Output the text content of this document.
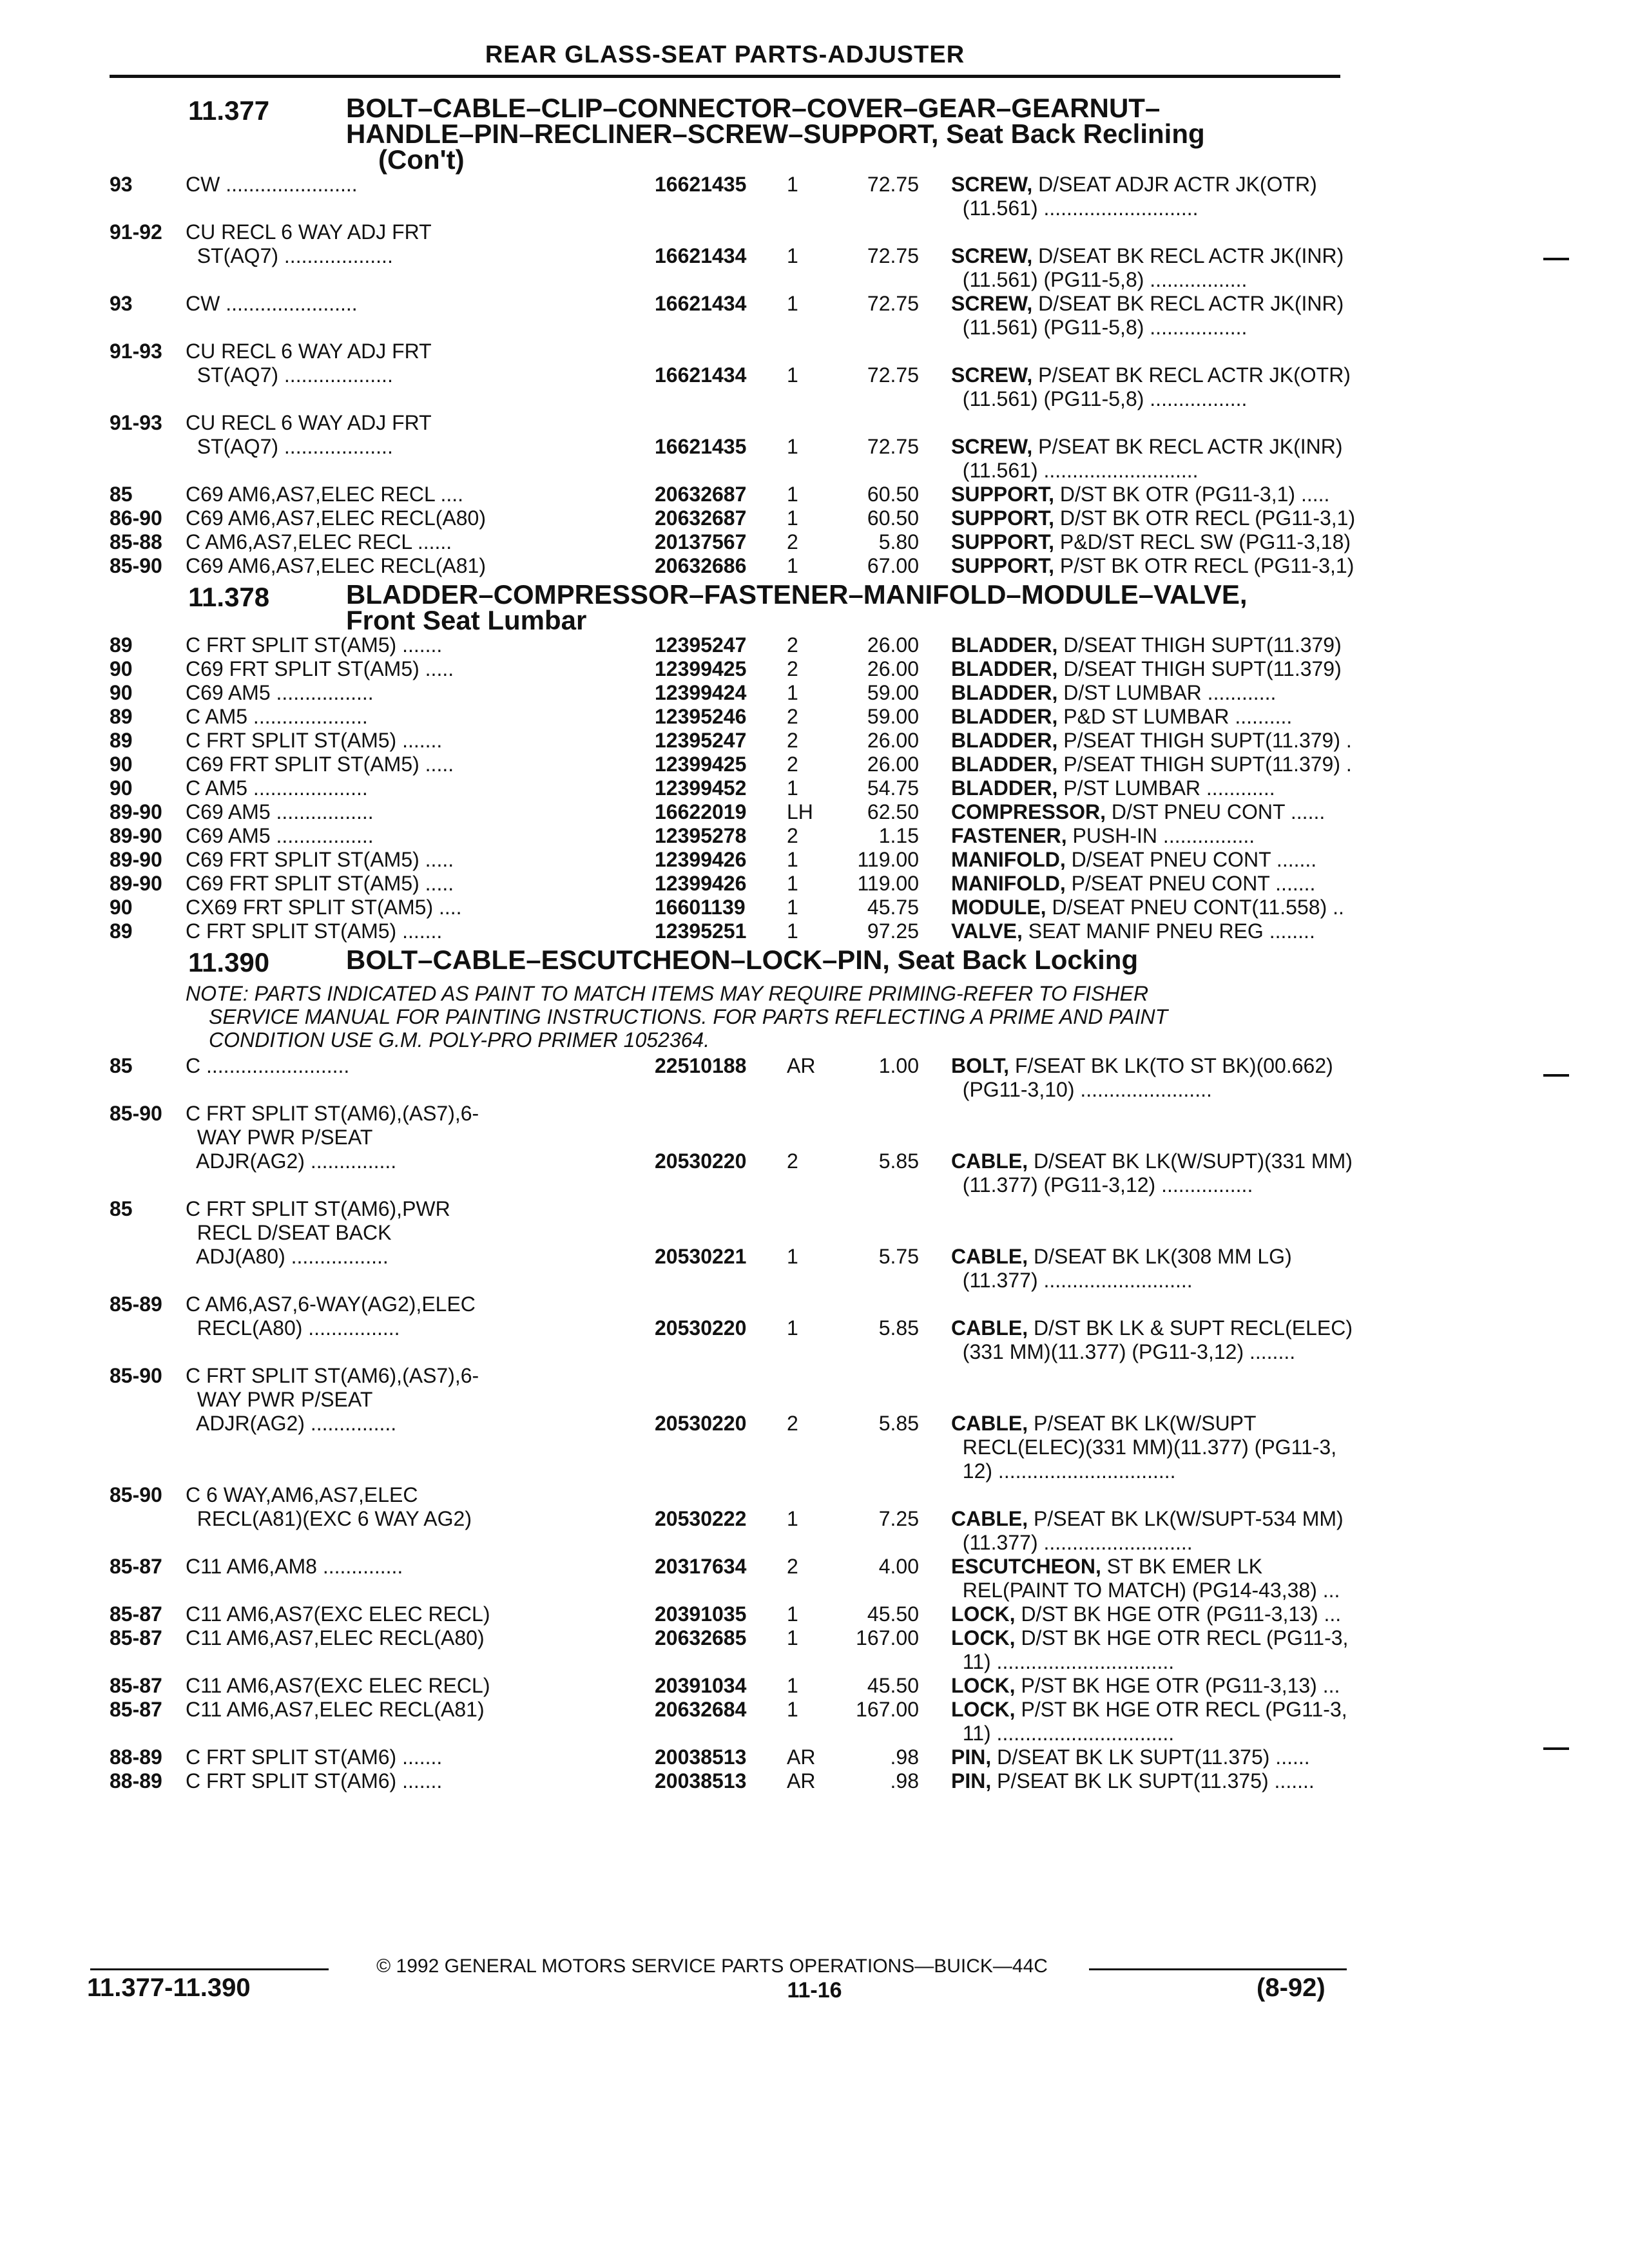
REAR GLASS-SEAT PARTS-ADJUSTER
11.377	BOLT–CABLE–CLIP–CONNECTOR–COVER–GEAR–GEARNUT–
HANDLE–PIN–RECLINER–SCREW–SUPPORT, Seat Back Reclining
(Con't)
93	CW .......................	16621435	1	72.75	SCREW, D/SEAT ADJR ACTR JK(OTR)
(11.561) ...........................
91-92	CU RECL 6 WAY ADJ FRT
ST(AQ7) ...................	16621434	1	72.75	SCREW, D/SEAT BK RECL ACTR JK(INR)
(11.561) (PG11-5,8) .................
93	CW .......................	16621434	1	72.75	SCREW, D/SEAT BK RECL ACTR JK(INR)
(11.561) (PG11-5,8) .................
91-93	CU RECL 6 WAY ADJ FRT
ST(AQ7) ...................	16621434	1	72.75	SCREW, P/SEAT BK RECL ACTR JK(OTR)
(11.561) (PG11-5,8) .................
91-93	CU RECL 6 WAY ADJ FRT
ST(AQ7) ...................	16621435	1	72.75	SCREW, P/SEAT BK RECL ACTR JK(INR)
(11.561) ...........................
85	C69 AM6,AS7,ELEC RECL ....	20632687	1	60.50	SUPPORT, D/ST BK OTR (PG11-3,1) .....
86-90	C69 AM6,AS7,ELEC RECL(A80)	20632687	1	60.50	SUPPORT, D/ST BK OTR RECL (PG11-3,1)
85-88	C AM6,AS7,ELEC RECL ......	20137567	2	5.80	SUPPORT, P&D/ST RECL SW (PG11-3,18)
85-90	C69 AM6,AS7,ELEC RECL(A81)	20632686	1	67.00	SUPPORT, P/ST BK OTR RECL (PG11-3,1)
11.378	BLADDER–COMPRESSOR–FASTENER–MANIFOLD–MODULE–VALVE,
Front Seat Lumbar
89	C FRT SPLIT ST(AM5) .......	12395247	2	26.00	BLADDER, D/SEAT THIGH SUPT(11.379)
90	C69 FRT SPLIT ST(AM5) .....	12399425	2	26.00	BLADDER, D/SEAT THIGH SUPT(11.379)
90	C69 AM5 .................	12399424	1	59.00	BLADDER, D/ST LUMBAR ............
89	C AM5 ....................	12395246	2	59.00	BLADDER, P&D ST LUMBAR ..........
89	C FRT SPLIT ST(AM5) .......	12395247	2	26.00	BLADDER, P/SEAT THIGH SUPT(11.379) .
90	C69 FRT SPLIT ST(AM5) .....	12399425	2	26.00	BLADDER, P/SEAT THIGH SUPT(11.379) .
90	C AM5 ....................	12399452	1	54.75	BLADDER, P/ST LUMBAR ............
89-90	C69 AM5 .................	16622019	LH	62.50	COMPRESSOR, D/ST PNEU CONT ......
89-90	C69 AM5 .................	12395278	2	1.15	FASTENER, PUSH-IN ................
89-90	C69 FRT SPLIT ST(AM5) .....	12399426	1	119.00	MANIFOLD, D/SEAT PNEU CONT .......
89-90	C69 FRT SPLIT ST(AM5) .....	12399426	1	119.00	MANIFOLD, P/SEAT PNEU CONT .......
90	CX69 FRT SPLIT ST(AM5) ....	16601139	1	45.75	MODULE, D/SEAT PNEU CONT(11.558) ..
89	C FRT SPLIT ST(AM5) .......	12395251	1	97.25	VALVE, SEAT MANIF PNEU REG ........
11.390	BOLT–CABLE–ESCUTCHEON–LOCK–PIN, Seat Back Locking
NOTE: PARTS INDICATED AS PAINT TO MATCH ITEMS MAY REQUIRE PRIMING-REFER TO FISHER
SERVICE MANUAL FOR PAINTING INSTRUCTIONS. FOR PARTS REFLECTING A PRIME AND PAINT
CONDITION USE G.M. POLY-PRO PRIMER 1052364.
85	C .........................	22510188	AR	1.00	BOLT, F/SEAT BK LK(TO ST BK)(00.662)
(PG11-3,10) .......................
85-90	C FRT SPLIT ST(AM6),(AS7),6-
WAY PWR P/SEAT
ADJR(AG2) ...............	20530220	2	5.85	CABLE, D/SEAT BK LK(W/SUPT)(331 MM)
(11.377) (PG11-3,12) ................
85	C FRT SPLIT ST(AM6),PWR
RECL D/SEAT BACK
ADJ(A80) .................	20530221	1	5.75	CABLE, D/SEAT BK LK(308 MM LG)
(11.377) ..........................
85-89	C AM6,AS7,6-WAY(AG2),ELEC
RECL(A80) ................	20530220	1	5.85	CABLE, D/ST BK LK & SUPT RECL(ELEC)
(331 MM)(11.377) (PG11-3,12) ........
85-90	C FRT SPLIT ST(AM6),(AS7),6-
WAY PWR P/SEAT
ADJR(AG2) ...............	20530220	2	5.85	CABLE, P/SEAT BK LK(W/SUPT
RECL(ELEC)(331 MM)(11.377) (PG11-3,
12) ...............................
85-90	C 6 WAY,AM6,AS7,ELEC
RECL(A81)(EXC 6 WAY AG2)	20530222	1	7.25	CABLE, P/SEAT BK LK(W/SUPT-534 MM)
(11.377) ..........................
85-87	C11 AM6,AM8 ..............	20317634	2	4.00	ESCUTCHEON, ST BK EMER LK
REL(PAINT TO MATCH) (PG14-43,38) ...
85-87	C11 AM6,AS7(EXC ELEC RECL)	20391035	1	45.50	LOCK, D/ST BK HGE OTR (PG11-3,13) ...
85-87	C11 AM6,AS7,ELEC RECL(A80)	20632685	1	167.00	LOCK, D/ST BK HGE OTR RECL (PG11-3,
11) ...............................
85-87	C11 AM6,AS7(EXC ELEC RECL)	20391034	1	45.50	LOCK, P/ST BK HGE OTR (PG11-3,13) ...
85-87	C11 AM6,AS7,ELEC RECL(A81)	20632684	1	167.00	LOCK, P/ST BK HGE OTR RECL (PG11-3,
11) ...............................
88-89	C FRT SPLIT ST(AM6) .......	20038513	AR	.98	PIN, D/SEAT BK LK SUPT(11.375) ......
88-89	C FRT SPLIT ST(AM6) .......	20038513	AR	.98	PIN, P/SEAT BK LK SUPT(11.375) .......
© 1992 GENERAL MOTORS SERVICE PARTS OPERATIONS—BUICK—44C
11.377-11.390	11-16	(8-92)
